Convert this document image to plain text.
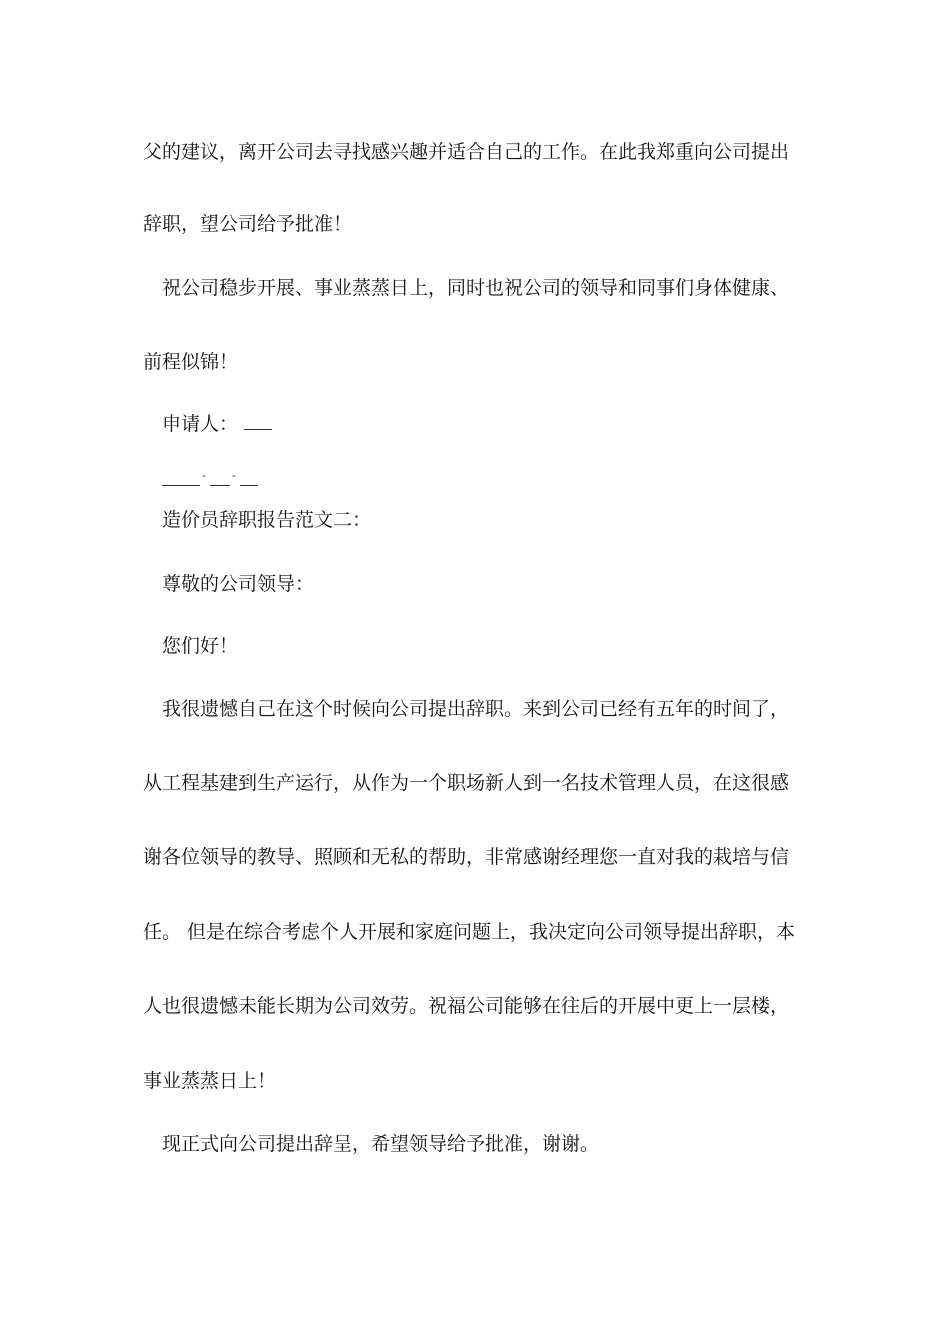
父的建议，离开公司去寻找感兴趣并适合自己的工作。在此我郑重向公司提出

辞职，望公司给予批准！

祝公司稳步开展、事业蒸蒸日上，同时也祝公司的领导和同事们身体健康、

前程似锦！

申请人：

- -

造价员辞职报告范文二：

尊敬的公司领导：

您们好！

我很遗憾自己在这个时候向公司提出辞职。来到公司已经有五年的时间了，

从工程基建到生产运行，从作为一个职场新人到一名技术管理人员，在这很感

谢各位领导的教导、照顾和无私的帮助，非常感谢经理您一直对我的栽培与信

任。 但是在综合考虑个人开展和家庭问题上，我决定向公司领导提出辞职，本

人也很遗憾未能长期为公司效劳。祝福公司能够在往后的开展中更上一层楼，

事业蒸蒸日上！

现正式向公司提出辞呈，希望领导给予批准，谢谢。
